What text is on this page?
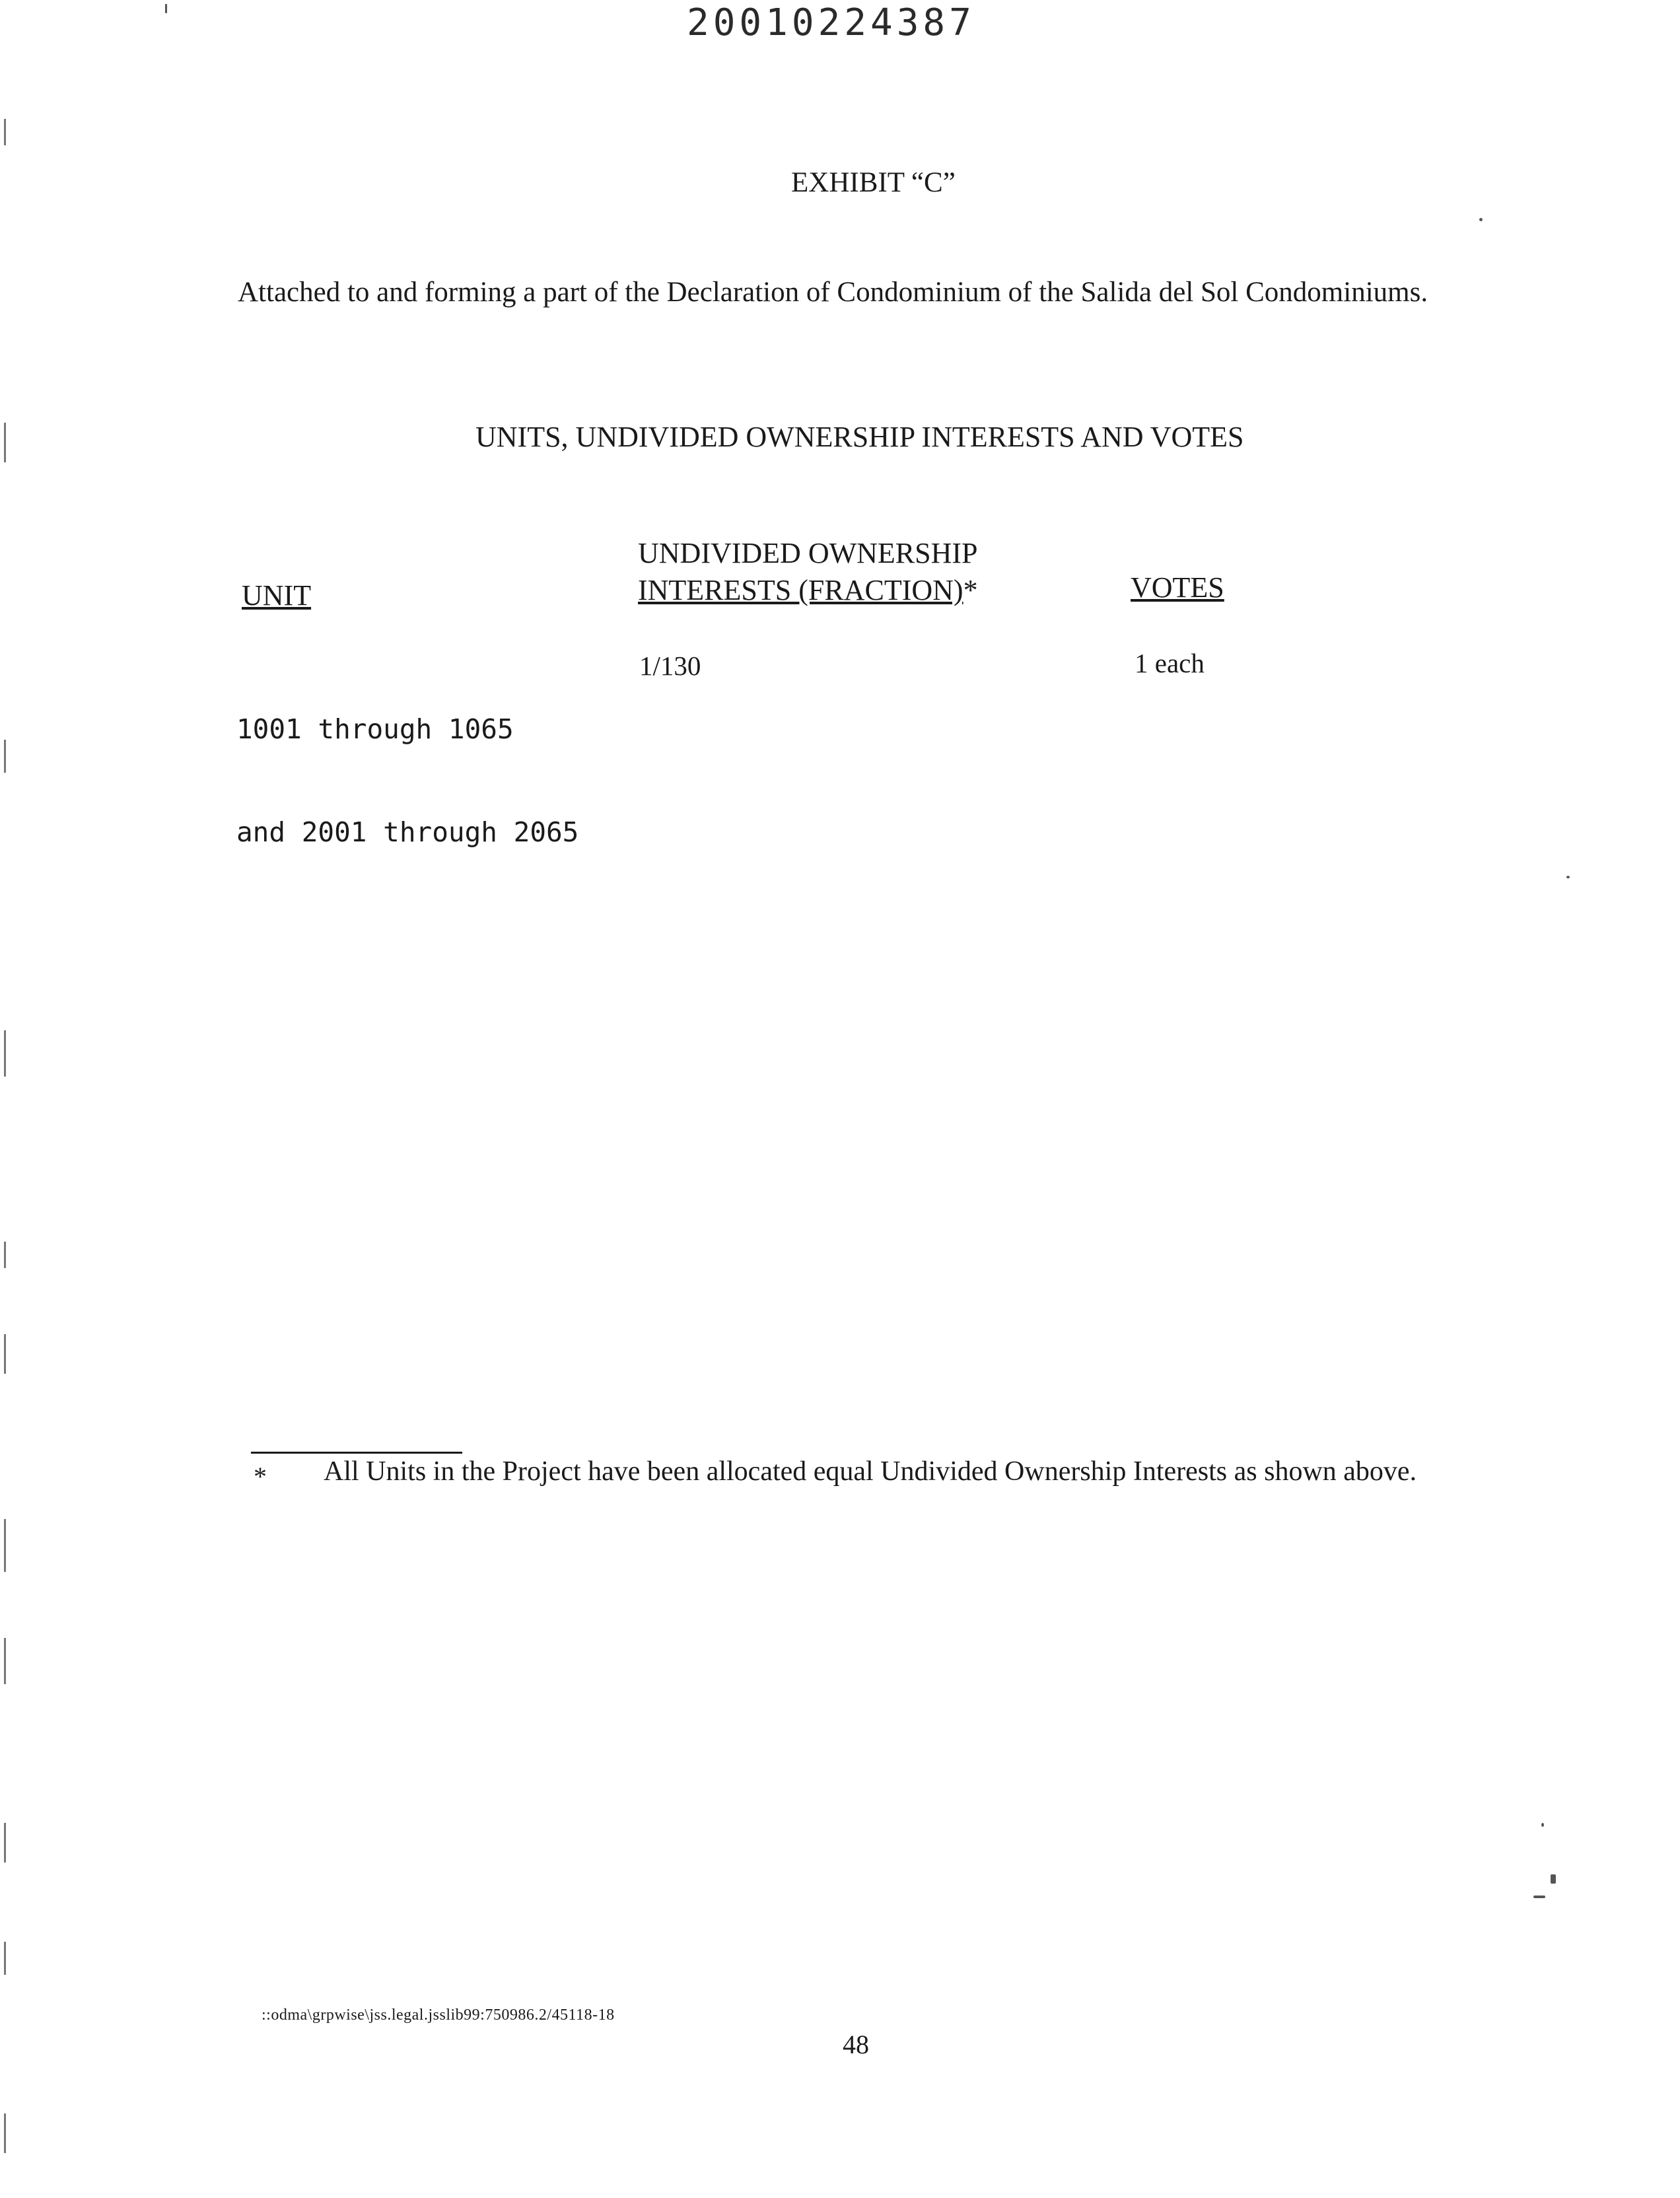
20010224387
EXHIBIT “C”
Attached to and forming a part of the Declaration of Condominium of the Salida del Sol Condominiums.
UNITS, UNDIVIDED OWNERSHIP INTERESTS AND VOTES
UNIT
UNDIVIDED OWNERSHIP
INTERESTS (FRACTION)*	VOTES

1001 through 1065

and 2001 through 2065

1/130	1 each
* All Units in the Project have been allocated equal Undivided Ownership Interests as shown above.
::odma\grpwise\jss.legal.jsslib99:750986.2/45118-18
48
